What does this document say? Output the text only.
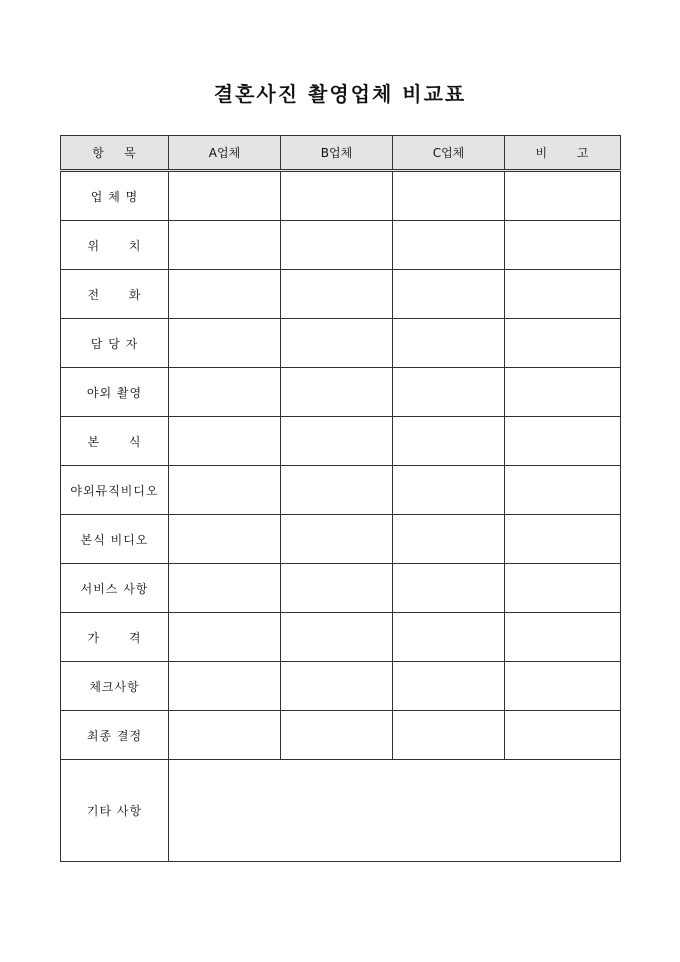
결혼사진 촬영업체 비교표
항    목	A업체	B업체	C업체	비      고
업 체 명				
위      치				
전      화				
담 당 자				
야외 촬영				
본      식				
야외뮤직비디오				
본식 비디오				
서비스 사항				
가      격				
체크사항				
최종 결정				
기타 사항				
